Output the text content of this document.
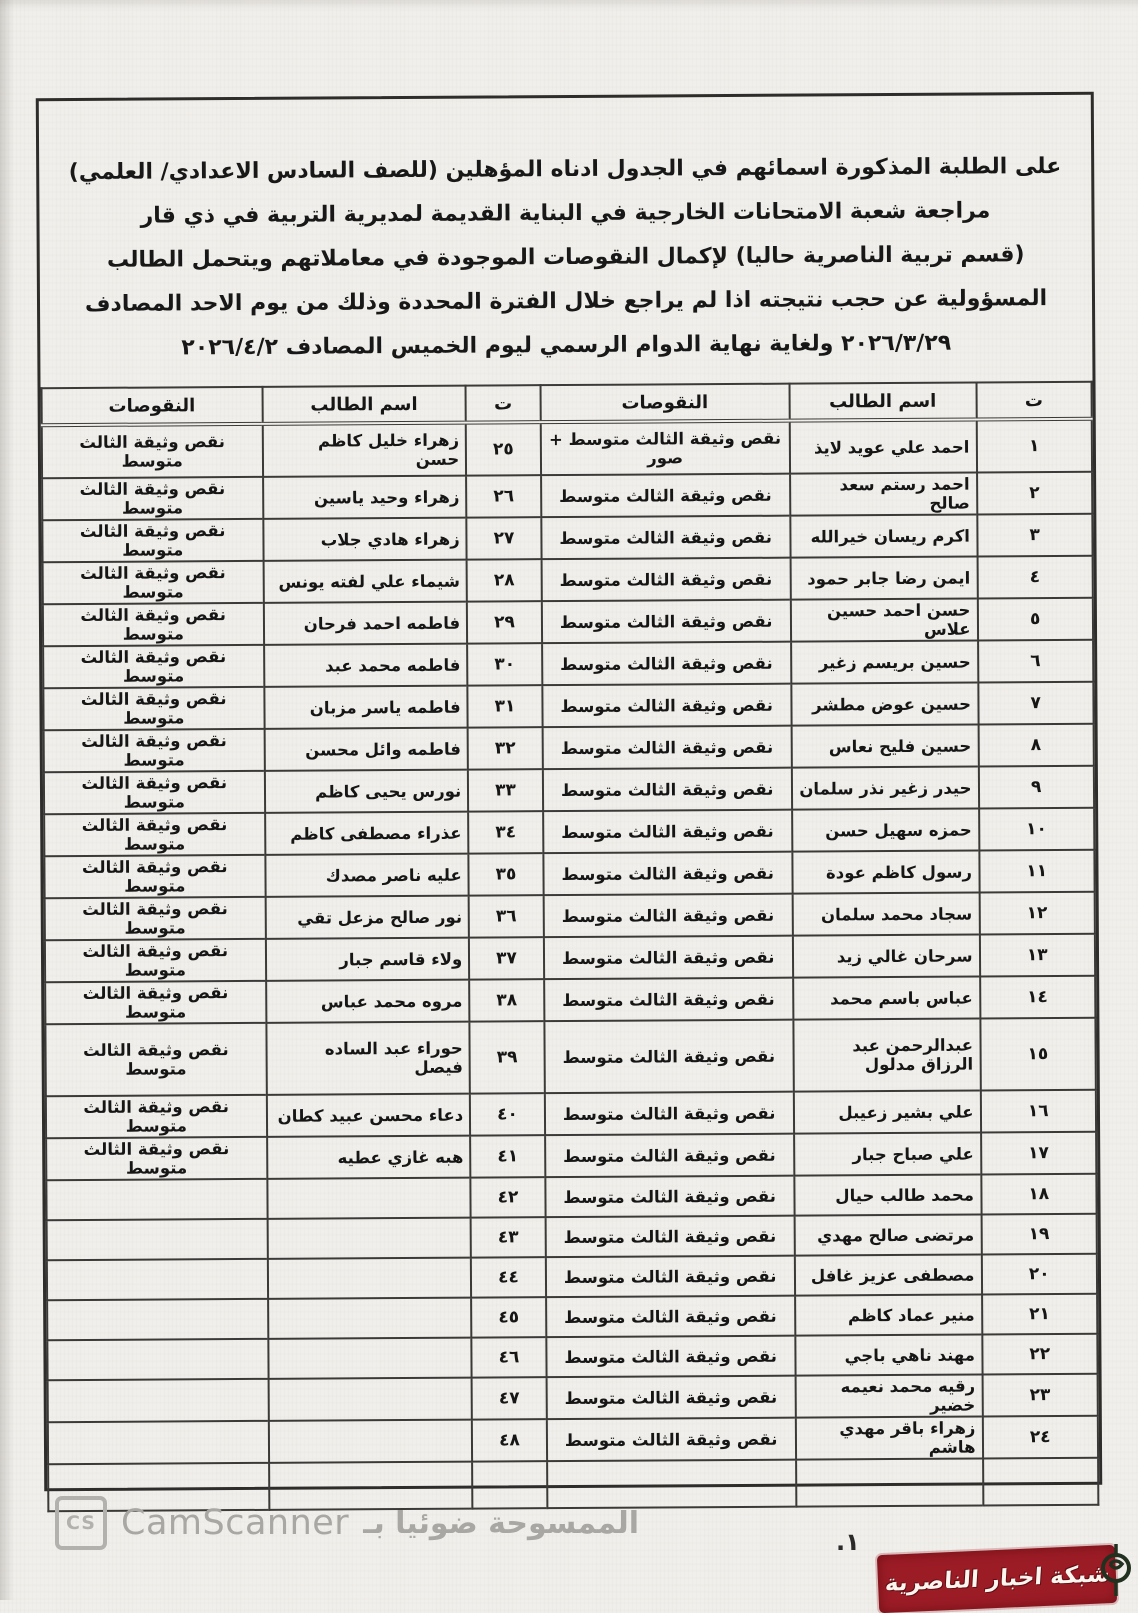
على الطلبة المذكورة اسمائهم في الجدول ادناه المؤهلين (للصف السادس الاعدادي/ العلمي)
مراجعة شعبة الامتحانات الخارجية في البناية القديمة لمديرية التربية في ذي قار
(قسم تربية الناصرية حاليا) لإكمال النقوصات الموجودة في معاملاتهم ويتحمل الطالب
المسؤولية عن حجب نتيجته اذا لم يراجع خلال الفترة المحددة وذلك من يوم الاحد المصادف
٢٠٢٦/٣/٢٩ ولغاية نهاية الدوام الرسمي ليوم الخميس المصادف ٢٠٢٦/٤/٢
ت	اسم الطالب	النقوصات	ت	اسم الطالب	النقوصات
١	احمد علي عويد لايذ	نقص وثيقة الثالث متوسط + صور	٢٥	زهراء خليل كاظم حسن	نقص وثيقة الثالث متوسط
٢	احمد رستم سعد صالح	نقص وثيقة الثالث متوسط	٢٦	زهراء وحيد ياسين	نقص وثيقة الثالث متوسط
٣	اكرم ريسان خيرالله	نقص وثيقة الثالث متوسط	٢٧	زهراء هادي جلاب	نقص وثيقة الثالث متوسط
٤	ايمن رضا جابر حمود	نقص وثيقة الثالث متوسط	٢٨	شيماء علي لفته يونس	نقص وثيقة الثالث متوسط
٥	حسن احمد حسين علاس	نقص وثيقة الثالث متوسط	٢٩	فاطمه احمد فرحان	نقص وثيقة الثالث متوسط
٦	حسين بريسم زغير	نقص وثيقة الثالث متوسط	٣٠	فاطمه محمد عبد	نقص وثيقة الثالث متوسط
٧	حسين عوض مطشر	نقص وثيقة الثالث متوسط	٣١	فاطمه ياسر مزبان	نقص وثيقة الثالث متوسط
٨	حسين فليح نعاس	نقص وثيقة الثالث متوسط	٣٢	فاطمه وائل محسن	نقص وثيقة الثالث متوسط
٩	حيدر زغير نذر سلمان	نقص وثيقة الثالث متوسط	٣٣	نورس يحيى كاظم	نقص وثيقة الثالث متوسط
١٠	حمزه سهيل حسن	نقص وثيقة الثالث متوسط	٣٤	عذراء مصطفى كاظم	نقص وثيقة الثالث متوسط
١١	رسول كاظم عودة	نقص وثيقة الثالث متوسط	٣٥	عليه ناصر مصدك	نقص وثيقة الثالث متوسط
١٢	سجاد محمد سلمان	نقص وثيقة الثالث متوسط	٣٦	نور صالح مزعل تقي	نقص وثيقة الثالث متوسط
١٣	سرحان غالي زيد	نقص وثيقة الثالث متوسط	٣٧	ولاء قاسم جبار	نقص وثيقة الثالث متوسط
١٤	عباس باسم محمد	نقص وثيقة الثالث متوسط	٣٨	مروه محمد عباس	نقص وثيقة الثالث متوسط
١٥	عبدالرحمن عبد الرزاق مدلول	نقص وثيقة الثالث متوسط	٣٩	حوراء عبد الساده فيصل	نقص وثيقة الثالث متوسط
١٦	علي بشير زعيبل	نقص وثيقة الثالث متوسط	٤٠	دعاء محسن عبيد كطان	نقص وثيقة الثالث متوسط
١٧	علي صباح جبار	نقص وثيقة الثالث متوسط	٤١	هبه غازي عطيه	نقص وثيقة الثالث متوسط
١٨	محمد طالب حيال	نقص وثيقة الثالث متوسط	٤٢		
١٩	مرتضى صالح مهدي	نقص وثيقة الثالث متوسط	٤٣		
٢٠	مصطفى عزيز غافل	نقص وثيقة الثالث متوسط	٤٤		
٢١	منير عماد كاظم	نقص وثيقة الثالث متوسط	٤٥		
٢٢	مهند ناهي باجي	نقص وثيقة الثالث متوسط	٤٦		
٢٣	رقيه محمد نعيمه خضير	نقص وثيقة الثالث متوسط	٤٧		
٢٤	زهراء باقر مهدي هاشم	نقص وثيقة الثالث متوسط	٤٨		

CS CamScanner الممسوحة ضوئيا بـ
.١
شبكة اخبار الناصرية
